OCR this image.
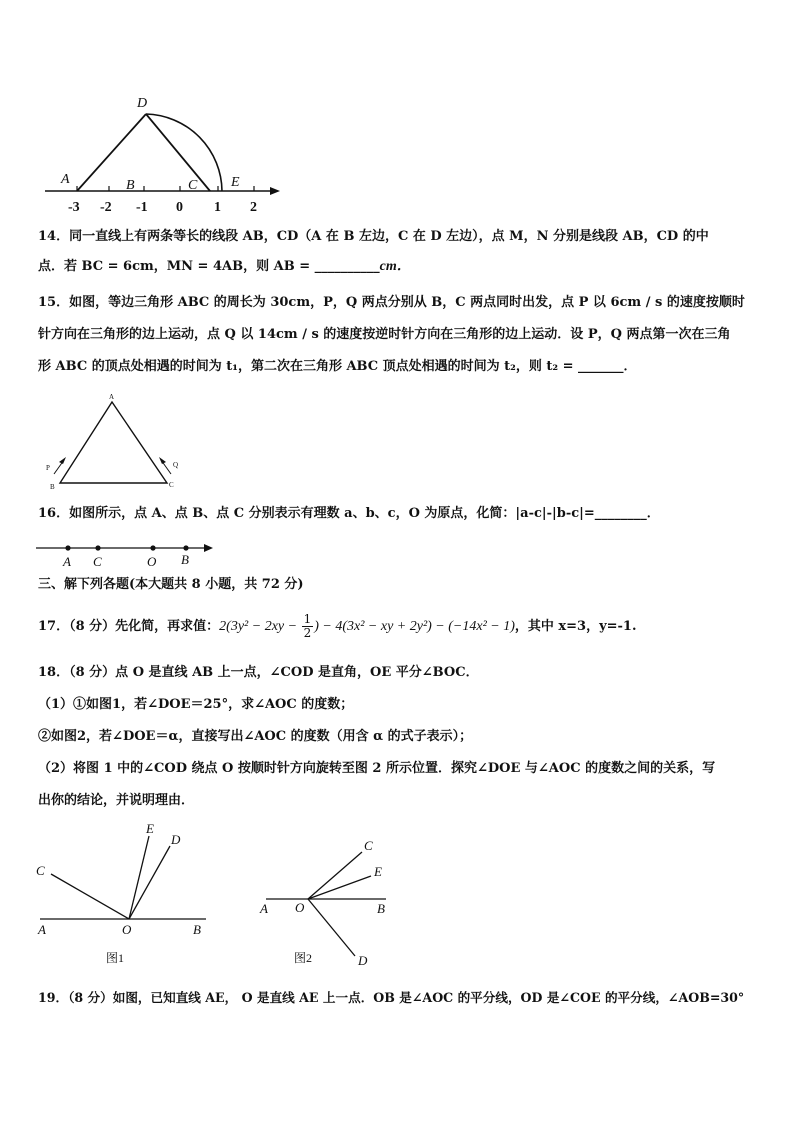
D
A	B	C E
-3 -2 -1 0 1 2

14．同一直线上有两条等长的线段 AB，CD（A 在 B 左边，C 在 D 左边），点 M，N 分别是线段 AB，CD 的中

点．若 BC = 6cm，MN = 4AB，则 AB = __________cm．

15．如图，等边三角形 ABC 的周长为 30cm，P，Q 两点分别从 B，C 两点同时出发，点 P 以 6cm / s 的速度按顺时

针方向在三角形的边上运动，点 Q 以 14cm / s 的速度按逆时针方向在三角形的边上运动．设 P，Q 两点第一次在三角

形 ABC 的顶点处相遇的时间为 t₁，第二次在三角形 ABC 顶点处相遇的时间为 t₂，则 t₂ = _______．

A
B	C
P	Q

16．如图所示，点 A、点 B、点 C 分别表示有理数 a、b、c，O 为原点，化简：|a-c|-|b-c|=________．

A C	O B

三、解下列各题(本大题共 8 小题，共 72 分)

17．（8 分）先化简，再求值：$2(3y^2 - 2xy - \frac{1}{2}$ ) − 4(3x² − xy + 2y²) − (−14x² − 1)，其中 x=3，y=-1.

18．（8 分）点 O 是直线 AB 上一点，∠COD 是直角，OE 平分∠BOC．

（1）①如图1，若∠DOE＝25°，求∠AOC 的度数；

②如图2，若∠DOE＝α，直接写出∠AOC 的度数（用含 α 的式子表示）；

（2）将图 1 中的∠COD 绕点 O 按顺时针方向旋转至图 2 所示位置．探究∠DOE 与∠AOC 的度数之间的关系，写

出你的结论，并说明理由．

C
E
D
A	O	B
图1
C
E
A O	B
D
图2

19．（8 分）如图，已知直线 AE， O 是直线 AE 上一点．OB 是∠AOC 的平分线，OD 是∠COE 的平分线，∠AOB=30°
